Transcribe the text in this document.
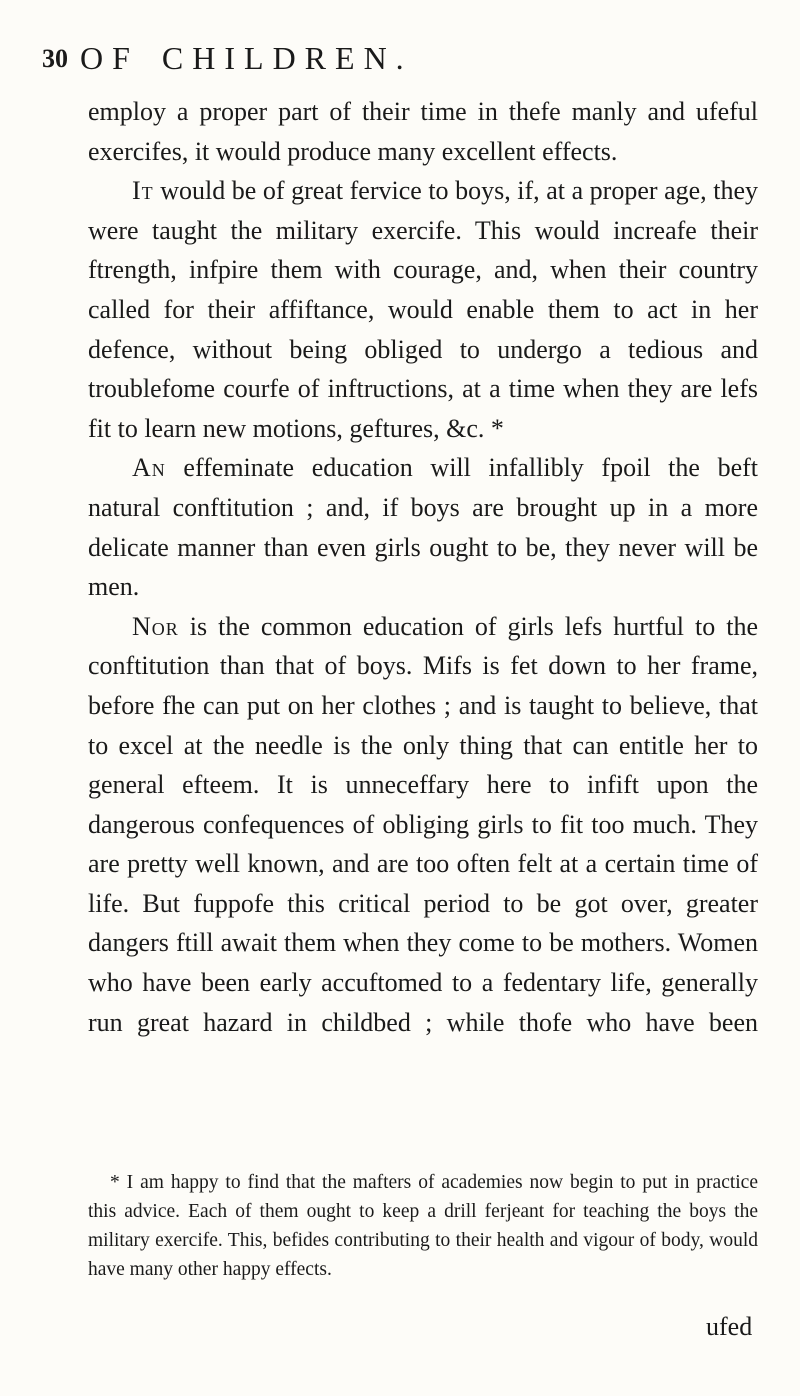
30 OF CHILDREN.

employ a proper part of their time in thefe manly and ufeful exercifes, it would produce many excellent effects.

It would be of great fervice to boys, if, at a proper age, they were taught the military exercife. This would increafe their ftrength, infpire them with courage, and, when their country called for their affiftance, would enable them to act in her defence, without being obliged to undergo a tedious and troublefome courfe of inftructions, at a time when they are lefs fit to learn new motions, geftures, &c. *

An effeminate education will infallibly fpoil the beft natural conftitution ; and, if boys are brought up in a more delicate manner than even girls ought to be, they never will be men.

Nor is the common education of girls lefs hurtful to the conftitution than that of boys. Mifs is fet down to her frame, before fhe can put on her clothes ; and is taught to believe, that to excel at the needle is the only thing that can entitle her to general efteem. It is unneceffary here to infift upon the dangerous confequences of obliging girls to fit too much. They are pretty well known, and are too often felt at a certain time of life. But fuppofe this critical period to be got over, greater dangers ftill await them when they come to be mothers. Women who have been early accuftomed to a fedentary life, generally run great hazard in childbed ; while thofe who have been

* I am happy to find that the mafters of academies now begin to put in practice this advice. Each of them ought to keep a drill ferjeant for teaching the boys the military exercife. This, befides contributing to their health and vigour of body, would have many other happy effects.

ufed
